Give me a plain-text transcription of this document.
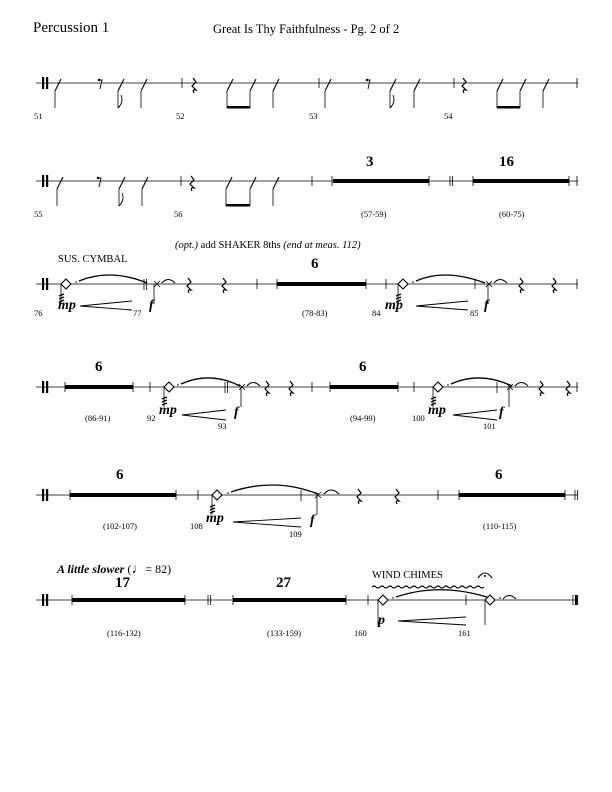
Percussion 1	Great Is Thy Faithfulness - Pg. 2 of 2
51	52	53	54
55	56
3
(57-59)
16
(60-75)
(opt.) add SHAKER 8ths (end at meas. 112)
SUS. CYMBAL	6
(78-83)
76 mp	77 f	84 mp	85 f
6
(86-91)
6
(94-99)
92 mp
93
f	100 mp
101
f
6
(102-107)
6
(110-115)
108 mp
109
f
A little slower (♩= 82)
17
(116-132)
27
(133-159)
WIND CHIMES
160
p
161
